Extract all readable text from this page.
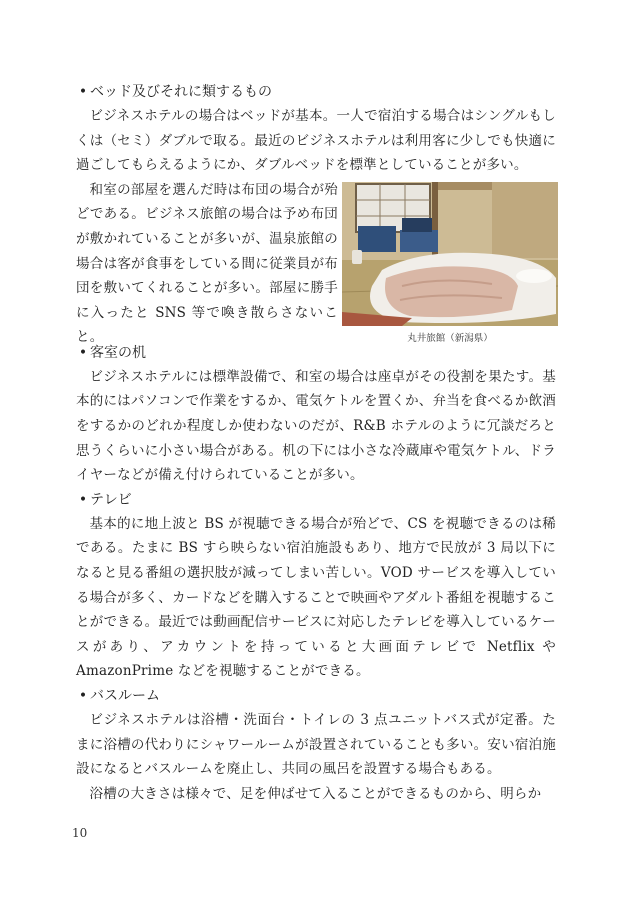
• ベッド及びそれに類するもの

ビジネスホテルの場合はベッドが基本。一人で宿泊する場合はシングルもしくは（セミ）ダブルで取る。最近のビジネスホテルは利用客に少しでも快適に過ごしてもらえるようにか、ダブルベッドを標準としていることが多い。

和室の部屋を選んだ時は布団の場合が殆どである。ビジネス旅館の場合は予め布団が敷かれていることが多いが、温泉旅館の場合は客が食事をしている間に従業員が布団を敷いてくれることが多い。部屋に勝手に入ったと SNS 等で喚き散らさないこと。	丸井旅館（新潟県）
• 客室の机

ビジネスホテルには標準設備で、和室の場合は座卓がその役割を果たす。基本的にはパソコンで作業をするか、電気ケトルを置くか、弁当を食べるか飲酒をするかのどれか程度しか使わないのだが、R&B ホテルのように冗談だろと思うくらいに小さい場合がある。机の下には小さな冷蔵庫や電気ケトル、ドライヤーなどが備え付けられていることが多い。

• テレビ

基本的に地上波と BS が視聴できる場合が殆どで、CS を視聴できるのは稀である。たまに BS すら映らない宿泊施設もあり、地方で民放が 3 局以下になると見る番組の選択肢が減ってしまい苦しい。VOD サービスを導入している場合が多く、カードなどを購入することで映画やアダルト番組を視聴することができる。最近では動画配信サービスに対応したテレビを導入しているケースがあり、アカウントを持っていると大画面テレビで Netflix や AmazonPrime などを視聴することができる。

• バスルーム

ビジネスホテルは浴槽・洗面台・トイレの 3 点ユニットバス式が定番。たまに浴槽の代わりにシャワールームが設置されていることも多い。安い宿泊施設になるとバスルームを廃止し、共同の風呂を設置する場合もある。

浴槽の大きさは様々で、足を伸ばせて入ることができるものから、明らか

10
